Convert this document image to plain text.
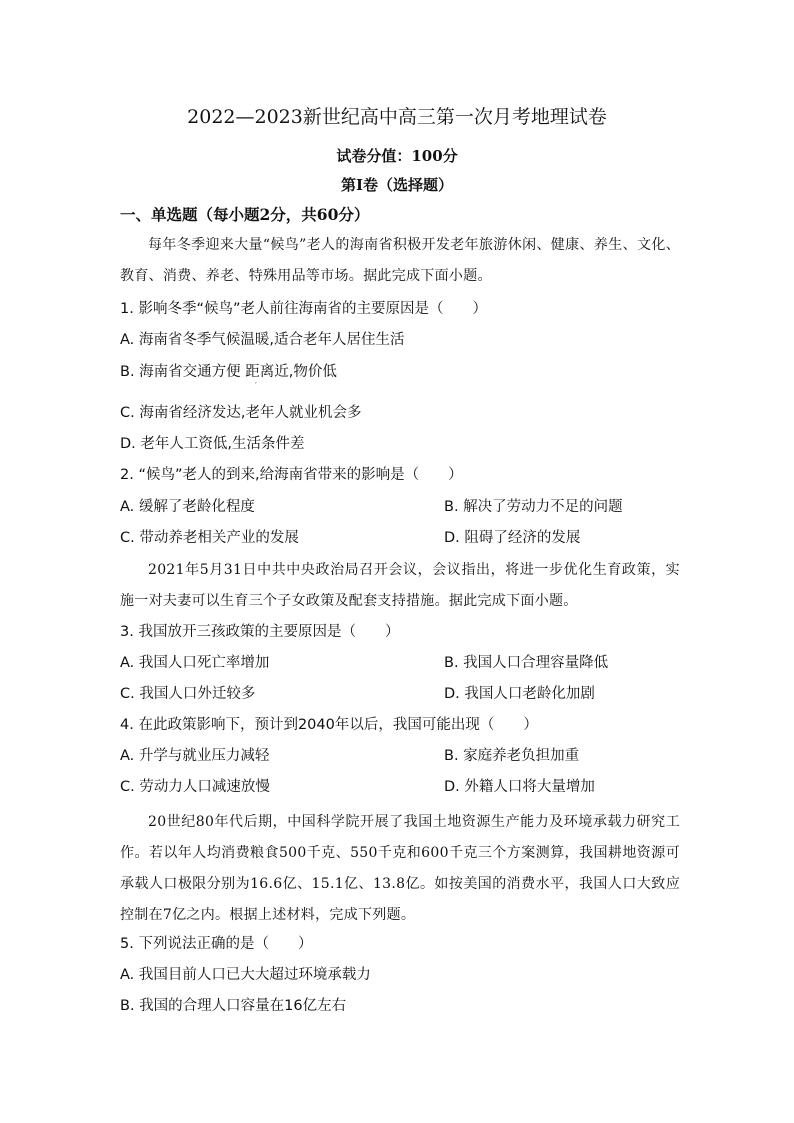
2022—2023新世纪高中高三第一次月考地理试卷
试卷分值：100分
第Ⅰ卷（选择题）
一、单选题（每小题2分，共60分）
每年冬季迎来大量“候鸟”老人的海南省积极开发老年旅游休闲、健康、养生、文化、教育、消费、养老、特殊用品等市场。据此完成下面小题。
1. 影响冬季“候鸟”老人前往海南省的主要原因是（　　）
A. 海南省冬季气候温暖,适合老年人居住生活
B. 海南省交通方便 距离近,物价低
′
C. 海南省经济发达,老年人就业机会多
D. 老年人工资低,生活条件差
2. “候鸟”老人的到来,给海南省带来的影响是（　　）
A. 缓解了老龄化程度	B. 解决了劳动力不足的问题
C. 带动养老相关产业的发展	D. 阻碍了经济的发展
2021年5月31日中共中央政治局召开会议，会议指出，将进一步优化生育政策，实施一对夫妻可以生育三个子女政策及配套支持措施。据此完成下面小题。
3. 我国放开三孩政策的主要原因是（　　）
A. 我国人口死亡率增加	B. 我国人口合理容量降低
C. 我国人口外迁较多	D. 我国人口老龄化加剧
4. 在此政策影响下，预计到2040年以后，我国可能出现（　　）
A. 升学与就业压力减轻	B. 家庭养老负担加重
C. 劳动力人口减速放慢	D. 外籍人口将大量增加
20世纪80年代后期，中国科学院开展了我国土地资源生产能力及环境承载力研究工作。若以年人均消费粮食500千克、550千克和600千克三个方案测算，我国耕地资源可承载人口极限分别为16.6亿、15.1亿、13.8亿。如按美国的消费水平，我国人口大致应控制在7亿之内。根据上述材料，完成下列题。
5. 下列说法正确的是（　　）
A. 我国目前人口已大大超过环境承载力
B. 我国的合理人口容量在16亿左右
